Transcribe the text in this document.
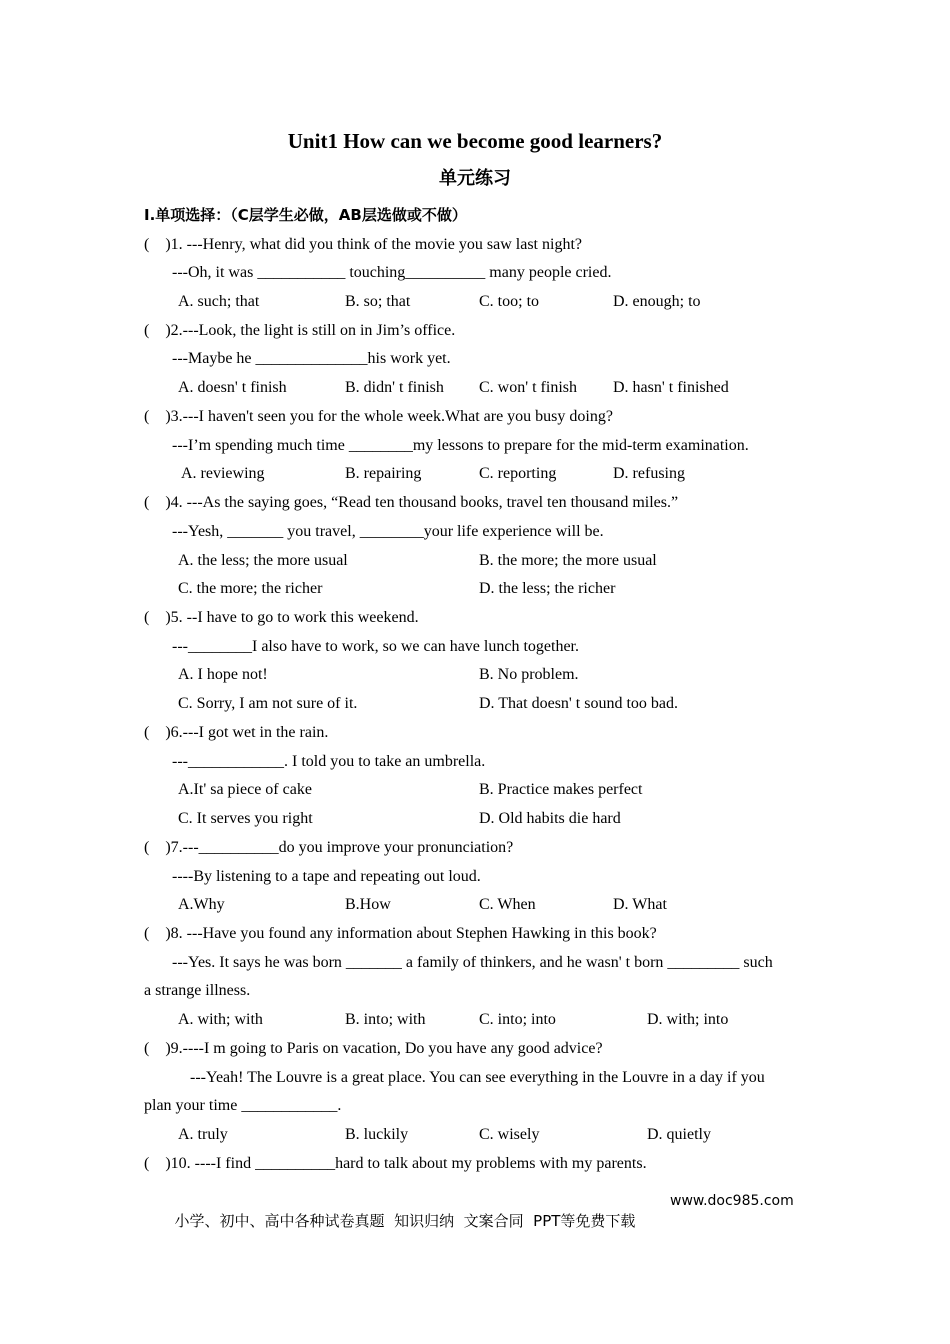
Unit1 How can we become good learners?
单元练习
I.单项选择：（C层学生必做，AB层选做或不做）
(    )1. ---Henry, what did you think of the movie you saw last night?
---Oh, it was ___________ touching__________ many people cried.
A. such; that	B. so; that	C. too; to	D. enough; to
(    )2.---Look, the light is still on in Jim’s office.
---Maybe he ______________his work yet.
A. doesn' t finish	B. didn' t finish C. won' t finish D. hasn' t finished
(    )3.---I haven't seen you for the whole week.What are you busy doing?
---I’m spending much time ________my lessons to prepare for the mid-term examination.
A. reviewing	B. repairing	C. reporting	D. refusing
(    )4. ---As the saying goes, “Read ten thousand books, travel ten thousand miles.”
---Yesh, _______ you travel, ________your life experience will be.
A. the less; the more usual	B. the more; the more usual
C. the more; the richer	D. the less; the richer
(    )5. --I have to go to work this weekend.
---________I also have to work, so we can have lunch together.
A. I hope not!	B. No problem.
C. Sorry, I am not sure of it.	D. That doesn' t sound too bad.
(    )6.---I got wet in the rain.
---____________. I told you to take an umbrella.
A.It' sa piece of cake	B. Practice makes perfect
C. It serves you right	D. Old habits die hard
(    )7.---__________do you improve your pronunciation?
----By listening to a tape and repeating out loud.
A.Why	B.How	C. When	D. What
(    )8. ---Have you found any information about Stephen Hawking in this book?
---Yes. It says he was born _______ a family of thinkers, and he wasn' t born _________ such
a strange illness.
A. with; with	B. into; with	C. into; into	D. with; into
(    )9.----I m going to Paris on vacation, Do you have any good advice?
---Yeah! The Louvre is a great place. You can see everything in the Louvre in a day if you
plan your time ____________.
A. truly	B. luckily	C. wisely	D. quietly
(    )10. ----I find __________hard to talk about my problems with my parents.

小学、初中、高中各种试卷真题  知识归纳  文案合同  PPT等免费下载

www.doc985.com
